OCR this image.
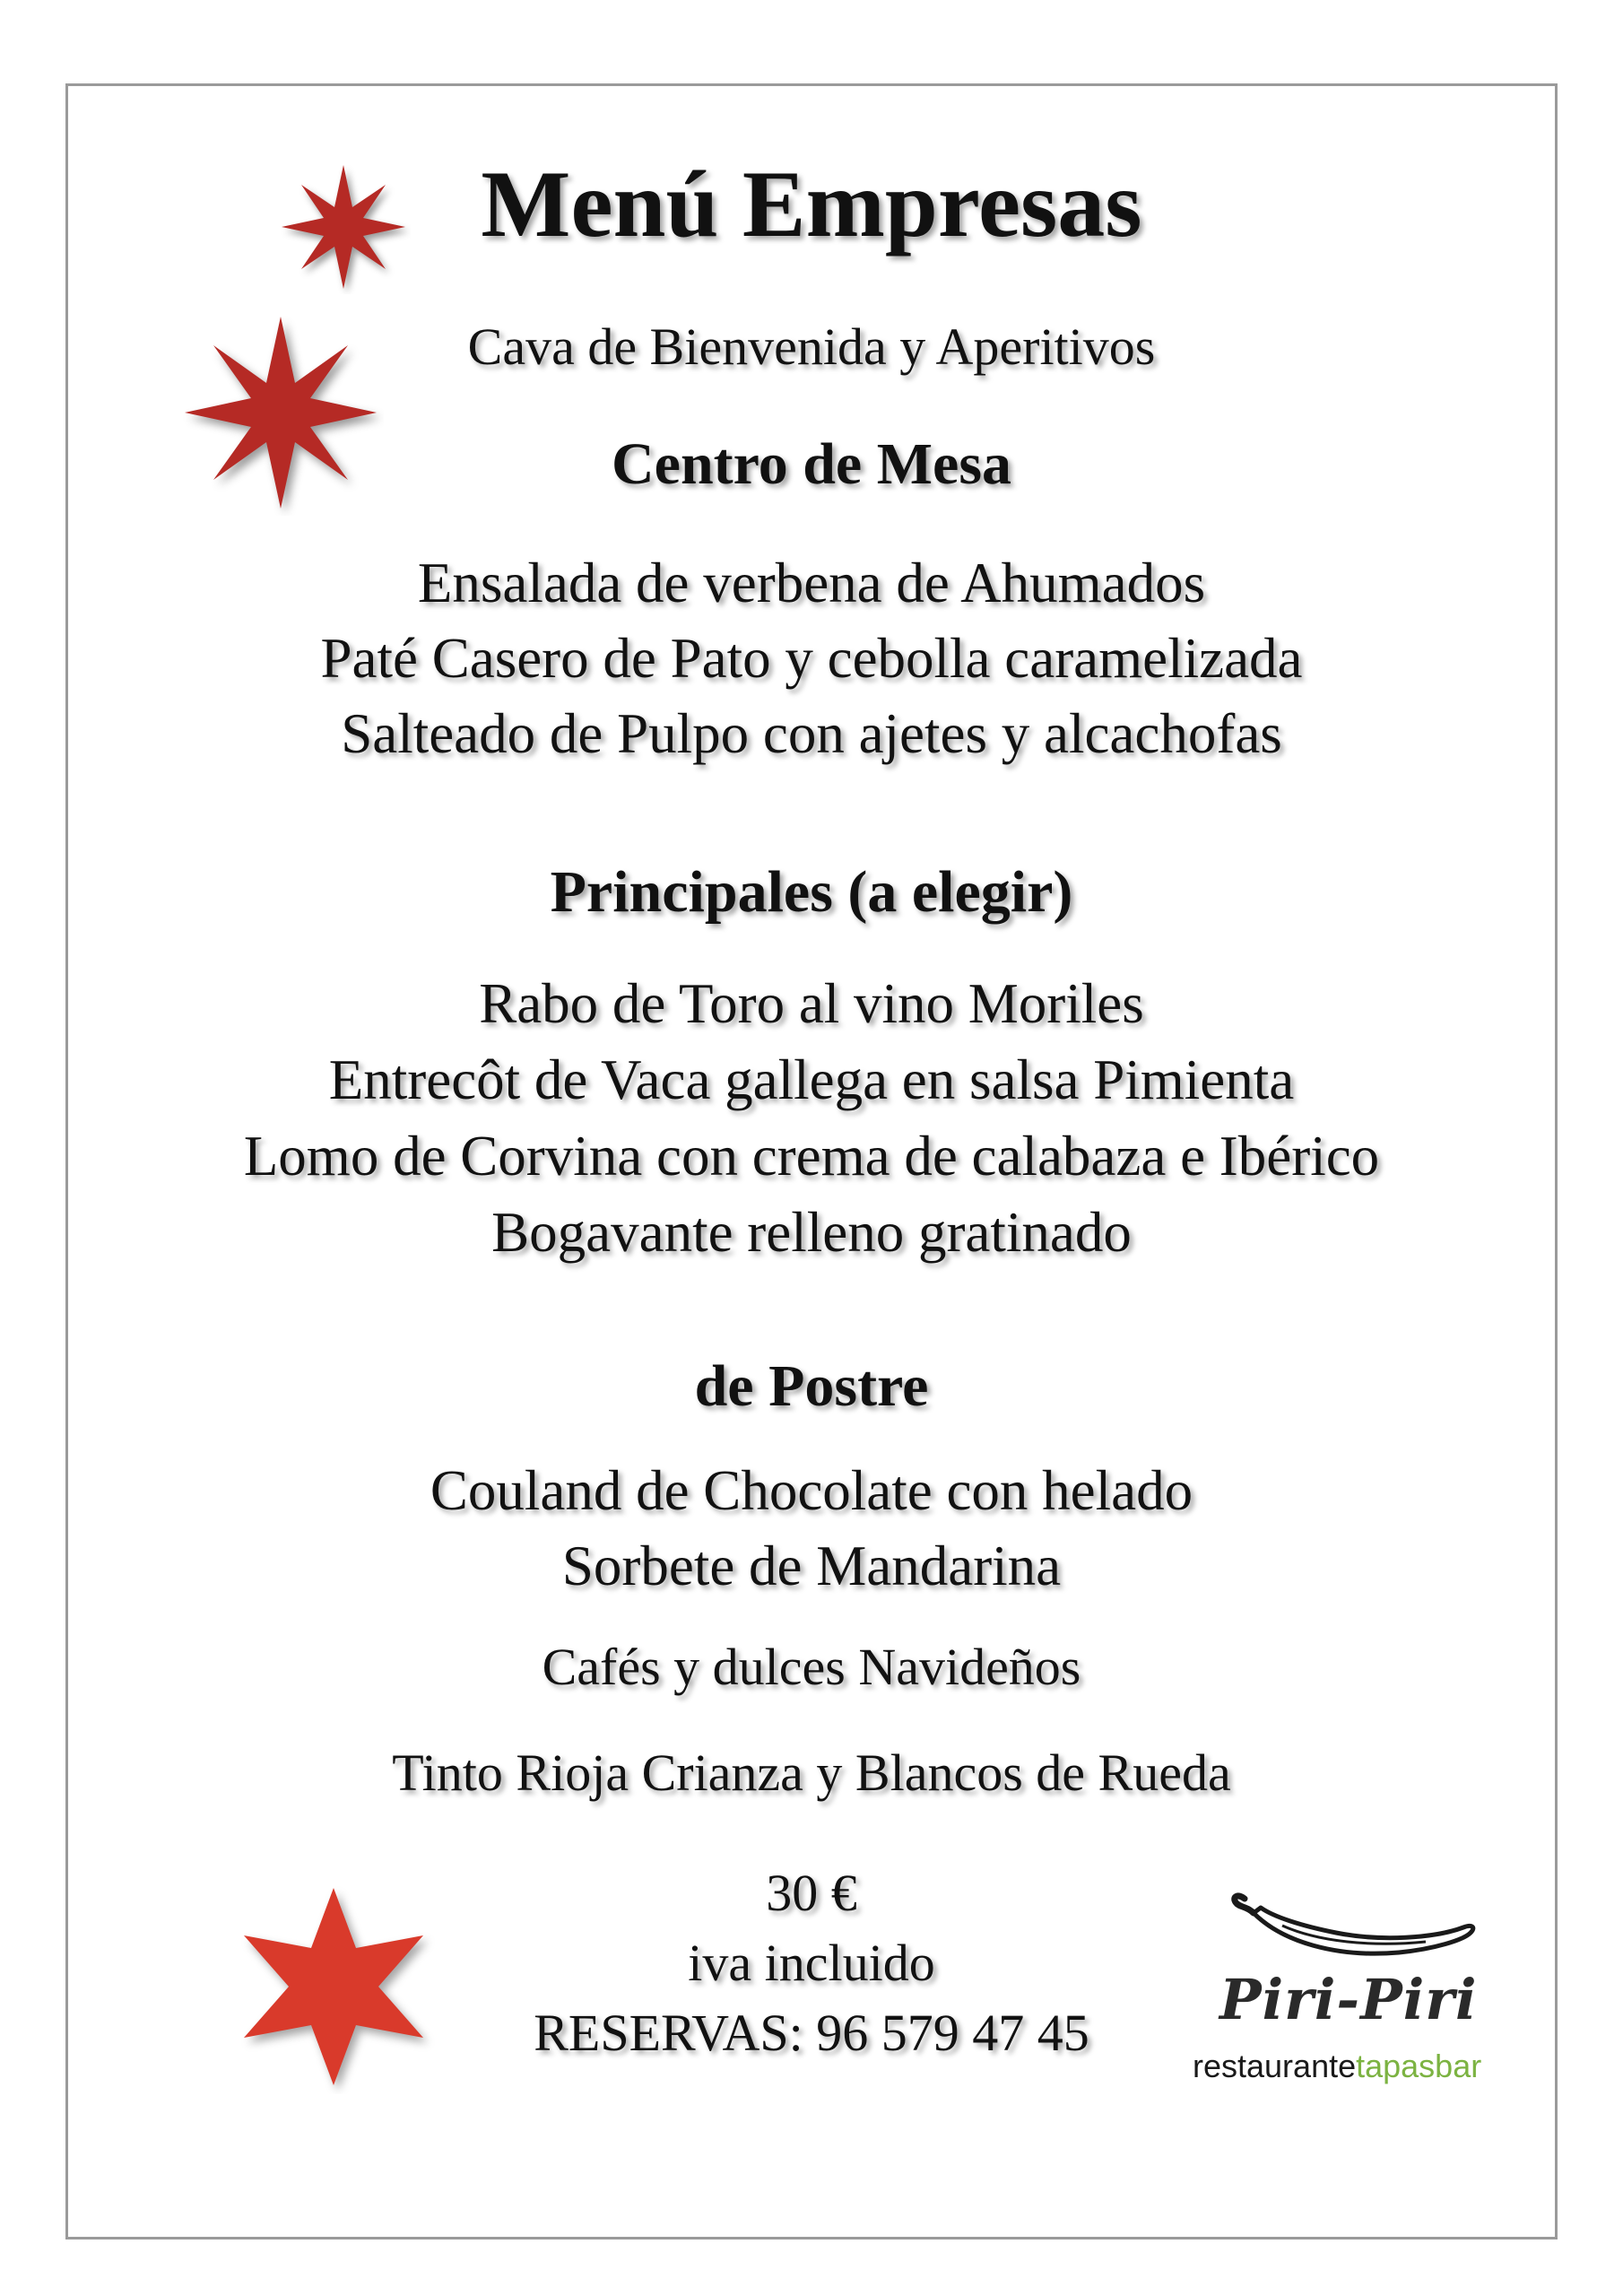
Menú Empresas
Cava de Bienvenida y Aperitivos
Centro de Mesa
Ensalada de verbena de Ahumados
Paté Casero de Pato y cebolla caramelizada
Salteado de Pulpo con ajetes y alcachofas
Principales (a elegir)
Rabo de Toro al vino Moriles
Entrecôt de Vaca gallega en salsa Pimienta
Lomo de Corvina con crema de calabaza e Ibérico
Bogavante relleno gratinado
de Postre
Couland de Chocolate con helado
Sorbete de Mandarina
Cafés y dulces Navideños
Tinto Rioja Crianza y Blancos de Rueda
30 €
iva incluido
RESERVAS: 96 579 47 45
Piri-Piri
restaurantetapasbar
